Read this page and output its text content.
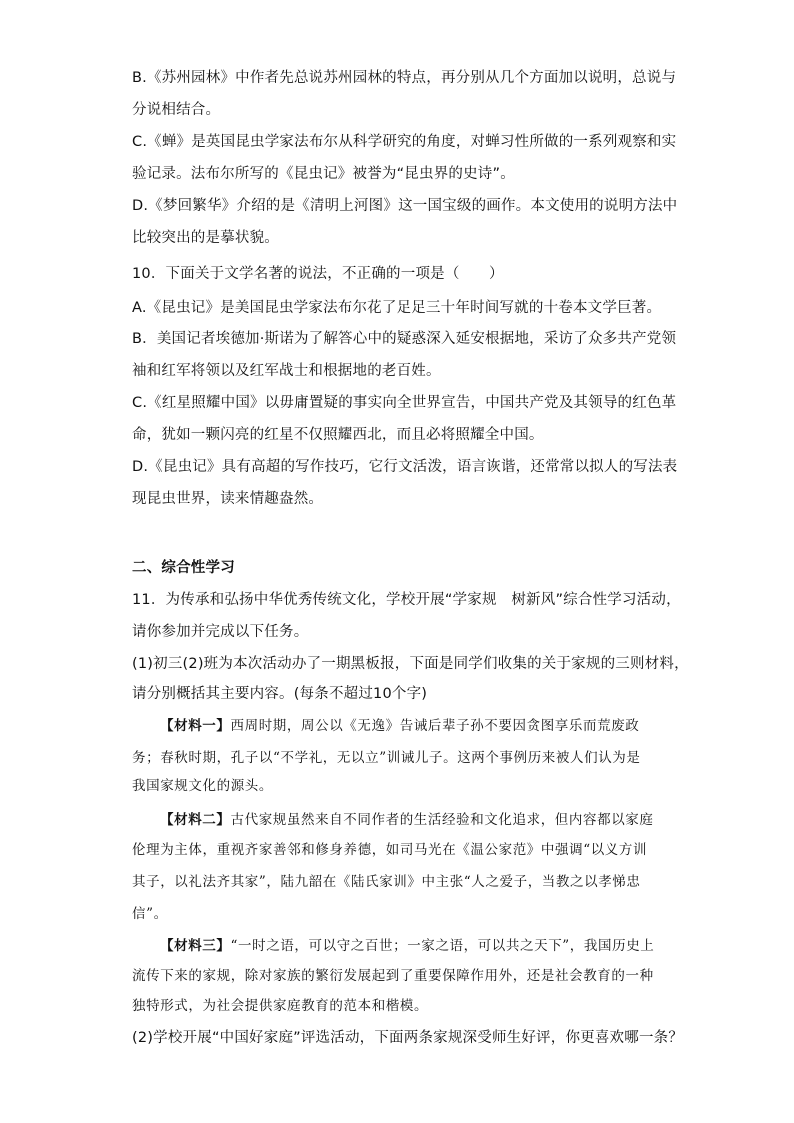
B.《苏州园林》中作者先总说苏州园林的特点，再分别从几个方面加以说明，总说与
分说相结合。
C.《蝉》是英国昆虫学家法布尔从科学研究的角度，对蝉习性所做的一系列观察和实
验记录。法布尔所写的《昆虫记》被誉为“昆虫界的史诗”。
D.《梦回繁华》介绍的是《清明上河图》这一国宝级的画作。本文使用的说明方法中
比较突出的是摹状貌。
10．下面关于文学名著的说法，不正确的一项是（　　）
A.《昆虫记》是美国昆虫学家法布尔花了足足三十年时间写就的十卷本文学巨著。
B．美国记者埃德加·斯诺为了解答心中的疑惑深入延安根据地，采访了众多共产党领
袖和红军将领以及红军战士和根据地的老百姓。
C.《红星照耀中国》以毋庸置疑的事实向全世界宣告，中国共产党及其领导的红色革
命，犹如一颗闪亮的红星不仅照耀西北，而且必将照耀全中国。
D.《昆虫记》具有高超的写作技巧，它行文活泼，语言诙谐，还常常以拟人的写法表
现昆虫世界，读来情趣盎然。
二、综合性学习
11．为传承和弘扬中华优秀传统文化，学校开展“学家规　树新风”综合性学习活动，
请你参加并完成以下任务。
(1)初三(2)班为本次活动办了一期黑板报，下面是同学们收集的关于家规的三则材料，
请分别概括其主要内容。(每条不超过10个字)
【材料一】西周时期，周公以《无逸》告诫后辈子孙不要因贪图享乐而荒废政
务；春秋时期，孔子以“不学礼，无以立”训诫儿子。这两个事例历来被人们认为是
我国家规文化的源头。
【材料二】古代家规虽然来自不同作者的生活经验和文化追求，但内容都以家庭
伦理为主体，重视齐家善邻和修身养德，如司马光在《温公家范》中强调“以义方训
其子，以礼法齐其家”，陆九韶在《陆氏家训》中主张“人之爱子，当教之以孝悌忠
信”。
【材料三】“一时之语，可以守之百世；一家之语，可以共之天下”，我国历史上
流传下来的家规，除对家族的繁衍发展起到了重要保障作用外，还是社会教育的一种
独特形式，为社会提供家庭教育的范本和楷模。
(2)学校开展“中国好家庭”评选活动，下面两条家规深受师生好评，你更喜欢哪一条？
